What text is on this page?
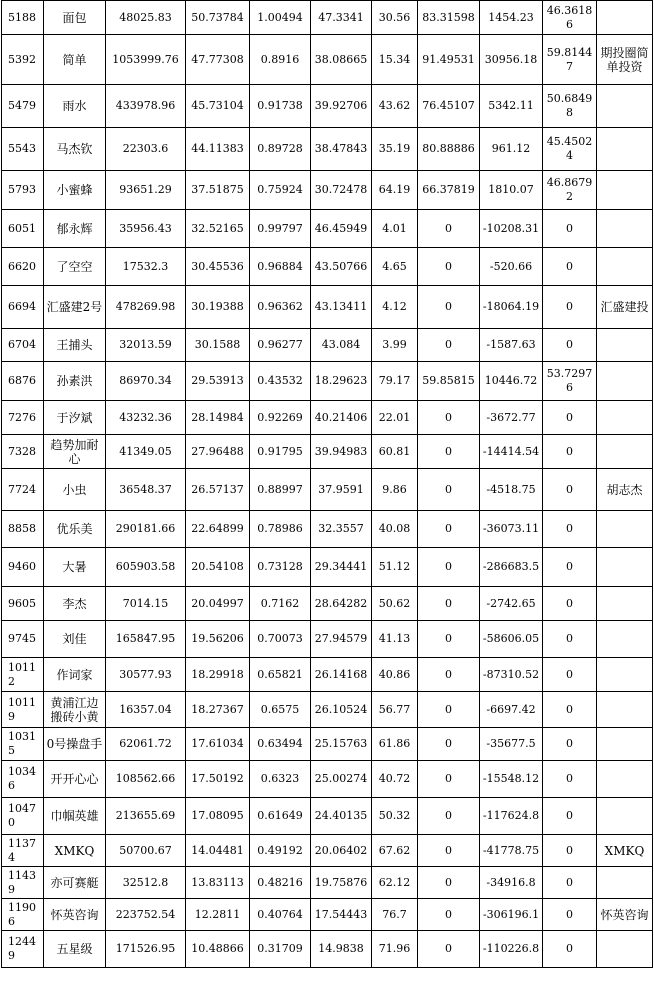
5188	面包	48025.83	50.73784	1.00494	47.3341	30.56	83.31598	1454.23	46.36186	
5392	简单	1053999.76	47.77308	0.8916	38.08665	15.34	91.49531	30956.18	59.81447	期投圈简单投资
5479	雨水	433978.96	45.73104	0.91738	39.92706	43.62	76.45107	5342.11	50.68498	
5543	马杰钦	22303.6	44.11383	0.89728	38.47843	35.19	80.88886	961.12	45.45024	
5793	小蜜蜂	93651.29	37.51875	0.75924	30.72478	64.19	66.37819	1810.07	46.86792	
6051	郁永辉	35956.43	32.52165	0.99797	46.45949	4.01	0	-10208.31	0	
6620	了空空	17532.3	30.45536	0.96884	43.50766	4.65	0	-520.66	0	
6694	汇盛建2号	478269.98	30.19388	0.96362	43.13411	4.12	0	-18064.19	0	汇盛建投
6704	王捕头	32013.59	30.1588	0.96277	43.084	3.99	0	-1587.63	0	
6876	孙素洪	86970.34	29.53913	0.43532	18.29623	79.17	59.85815	10446.72	53.72976	
7276	于汐斌	43232.36	28.14984	0.92269	40.21406	22.01	0	-3672.77	0	
7328	趋势加耐心	41349.05	27.96488	0.91795	39.94983	60.81	0	-14414.54	0	
7724	小虫	36548.37	26.57137	0.88997	37.9591	9.86	0	-4518.75	0	胡志杰
8858	优乐美	290181.66	22.64899	0.78986	32.3557	40.08	0	-36073.11	0	
9460	大暑	605903.58	20.54108	0.73128	29.34441	51.12	0	-286683.5	0	
9605	李杰	7014.15	20.04997	0.7162	28.64282	50.62	0	-2742.65	0	
9745	刘佳	165847.95	19.56206	0.70073	27.94579	41.13	0	-58606.05	0	
10112	作词家	30577.93	18.29918	0.65821	26.14168	40.86	0	-87310.52	0	
10119	黄浦江边搬砖小黄	16357.04	18.27367	0.6575	26.10524	56.77	0	-6697.42	0	
10315	0号操盘手	62061.72	17.61034	0.63494	25.15763	61.86	0	-35677.5	0	
10346	开开心心	108562.66	17.50192	0.6323	25.00274	40.72	0	-15548.12	0	
10470	巾帼英雄	213655.69	17.08095	0.61649	24.40135	50.32	0	-117624.8	0	
11374	XMKQ	50700.67	14.04481	0.49192	20.06402	67.62	0	-41778.75	0	XMKQ
11439	亦可赛艇	32512.8	13.83113	0.48216	19.75876	62.12	0	-34916.8	0	
11906	怀英咨询	223752.54	12.2811	0.40764	17.54443	76.7	0	-306196.1	0	怀英咨询
12449	五星级	171526.95	10.48866	0.31709	14.9838	71.96	0	-110226.8	0	
